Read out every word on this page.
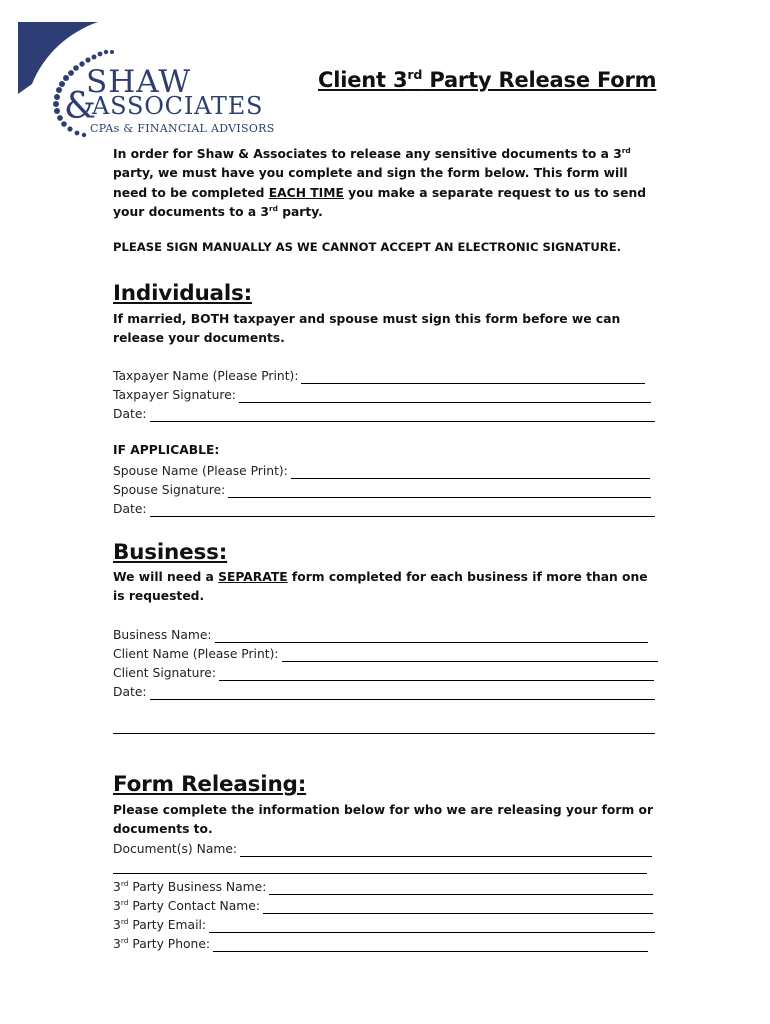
SHAW
&
ASSOCIATES
CPAs & FINANCIAL ADVISORS
Client 3rd Party Release Form
In order for Shaw & Associates to release any sensitive documents to a 3rd party, we must have you complete and sign the form below. This form will need to be completed EACH TIME you make a separate request to us to send your documents to a 3rd party.
PLEASE SIGN MANUALLY AS WE CANNOT ACCEPT AN ELECTRONIC SIGNATURE.
Individuals:
If married, BOTH taxpayer and spouse must sign this form before we can release your documents.
Taxpayer Name (Please Print):
Taxpayer Signature:
Date:
IF APPLICABLE:
Spouse Name (Please Print):
Spouse Signature:
Date:
Business:
We will need a SEPARATE form completed for each business if more than one is requested.
Business Name:
Client Name (Please Print):
Client Signature:
Date:
Form Releasing:
Please complete the information below for who we are releasing your form or documents to.
Document(s) Name:
3rd Party Business Name:
3rd Party Contact Name:
3rd Party Email:
3rd Party Phone:
